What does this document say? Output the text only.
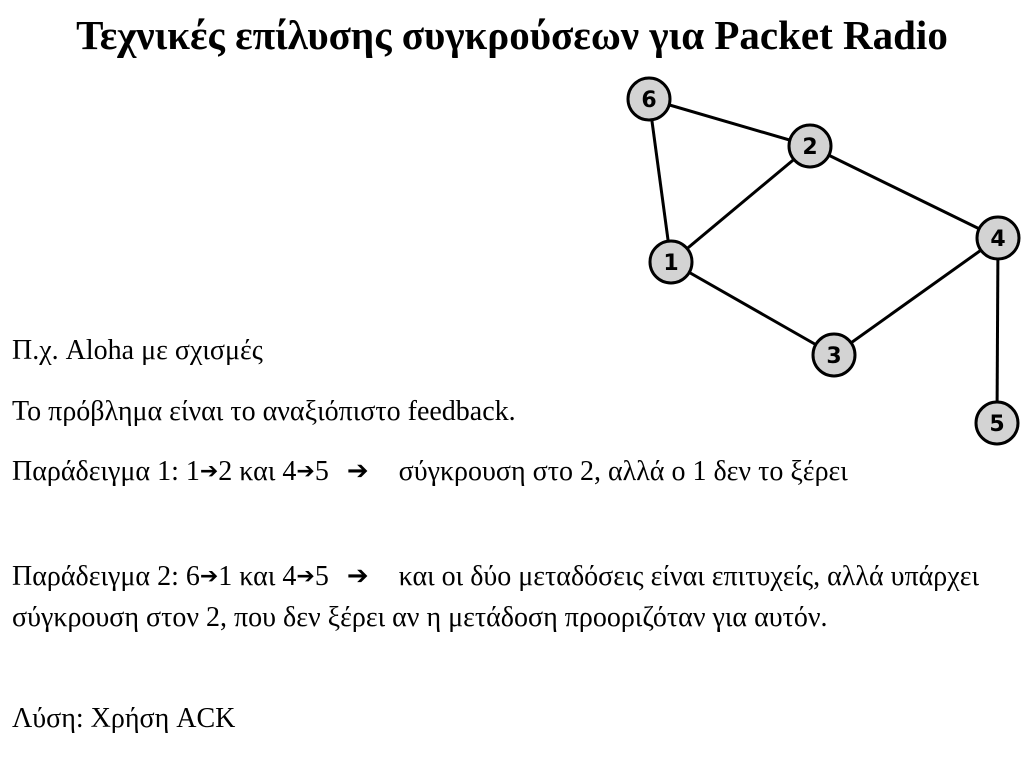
Τεχνικές επίλυσης συγκρούσεων για Packet Radio
6
2
1
4
3
5

Π.χ. Aloha με σχισμές

Το πρόβλημα είναι το αναξιόπιστο feedback.

Παράδειγμα 1: 1➔2 και 4➔5 ➔ σύγκρουση στο 2, αλλά ο 1 δεν το ξέρει

Παράδειγμα 2: 6➔1 και 4➔5 ➔ και οι δύο μεταδόσεις είναι επιτυχείς, αλλά υπάρχει σύγκρουση στον 2, που δεν ξέρει αν η μετάδοση προοριζόταν για αυτόν.

Λύση: Χρήση ACK
